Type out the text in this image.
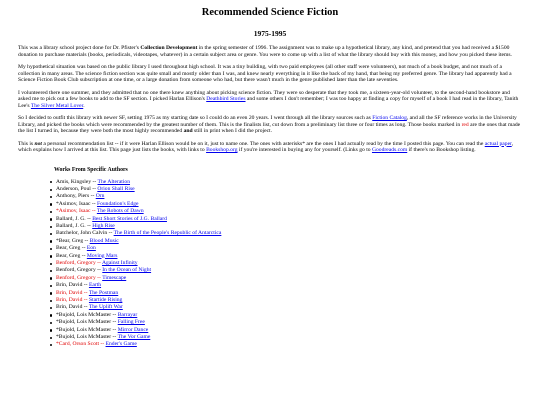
Recommended Science Fiction
1975-1995

This was a library school project done for Dr. Pfister's Collection Development in the spring semester of 1996. The assignment was to make up a hypothetical library, any kind, and pretend that you had received a $1500 donation to purchase materials (books, periodicals, videotapes, whatever) in a certain subject area or genre. You were to come up with a list of what the library should buy with this money, and how you picked these items.

My hypothetical situation was based on the public library I used throughout high school. It was a tiny building, with two paid employees (all other staff were volunteers), not much of a book budget, and not much of a collection in many areas. The science fiction section was quite small and mostly older than I was, and knew nearly everything in it like the back of my hand, that being my preferred genre. The library had apparently had a Science Fiction Book Club subscription at one time, or a large donation from someone who had, but there wasn't much in the genre published later than the late seventies.

I volunteered there one summer, and they admitted that no one there knew anything about picking science fiction. They were so desperate that they took me, a sixteen-year-old volunteer, to the second-hand bookstore and asked me to pick out a few books to add to the SF section. I picked Harlan Ellison's Deathbird Stories and some others I don't remember; I was too happy at finding a copy for myself of a book I had read in the library, Tanith Lee's The Silver Metal Lover.

So I decided to outfit this library with newer SF, setting 1975 as my starting date so I could do an even 20 years. I went through all the library sources such as Fiction Catalog, and all the SF reference works in the University Library, and picked the books which were recommended by the greatest number of them. This is the finalists list, cut down from a preliminary list three or four times as long. Those books marked in red are the ones that made the list I turned in, because they were both the most highly recommended and still in print when I did the project.

This is not a personal recommendation list -- if it were Harlan Ellison would be on it, just to name one. The ones with asterisks* are the ones I had actually read by the time I posted this page. You can read the actual paper, which explains how I arrived at this list. This page just lists the books, with links to Bookshop.org if you're interested in buying any for yourself. (Links go to Goodreads.com if there's no Bookshop listing.

Works From Specific Authors
Amis, Kingsley -- The Alteration
Anderson, Poul -- Orion Shall Rise
Anthony, Piers -- Orn
*Asimov, Isaac -- Foundation's Edge
*Asimov, Isaac -- The Robots of Dawn
Ballard, J. G. -- Best Short Stories of J.G. Ballard
Ballard, J. G. -- High Rise
Batchelor, John Calvin -- The Birth of the People's Republic of Antarctica
*Bear, Greg -- Blood Music
Bear, Greg -- Eon
Bear, Greg -- Moving Mars
Benford, Gregory -- Against Infinity
Benford, Gregory -- In the Ocean of Night
Benford, Gregory -- Timescape
Brin, David -- Earth
Brin, David -- The Postman
Brin, David -- Startide Rising
Brin, David -- The Uplift War
*Bujold, Lois McMaster -- Barrayar
*Bujold, Lois McMaster -- Falling Free
*Bujold, Lois McMaster -- Mirror Dance
*Bujold, Lois McMaster -- The Vor Game
*Card, Orson Scott -- Ender's Game
